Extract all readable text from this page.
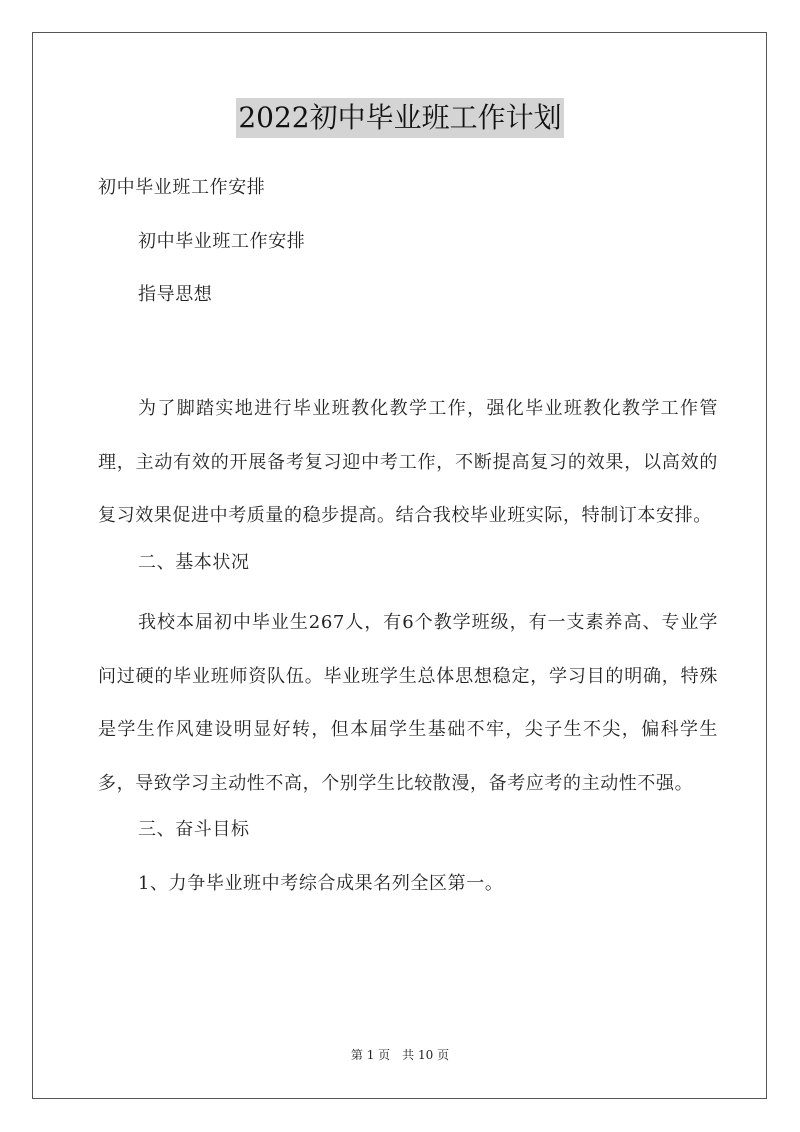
2022初中毕业班工作计划
初中毕业班工作安排
初中毕业班工作安排
指导思想

为了脚踏实地进行毕业班教化教学工作，强化毕业班教化教学工作管理，主动有效的开展备考复习迎中考工作，不断提高复习的效果，以高效的复习效果促进中考质量的稳步提高。结合我校毕业班实际，特制订本安排。

二、基本状况

我校本届初中毕业生267人，有6个教学班级，有一支素养高、专业学问过硬的毕业班师资队伍。毕业班学生总体思想稳定，学习目的明确，特殊是学生作风建设明显好转，但本届学生基础不牢，尖子生不尖，偏科学生多，导致学习主动性不高，个别学生比较散漫，备考应考的主动性不强。

三、奋斗目标
1、力争毕业班中考综合成果名列全区第一。
第 1 页 共 10 页
